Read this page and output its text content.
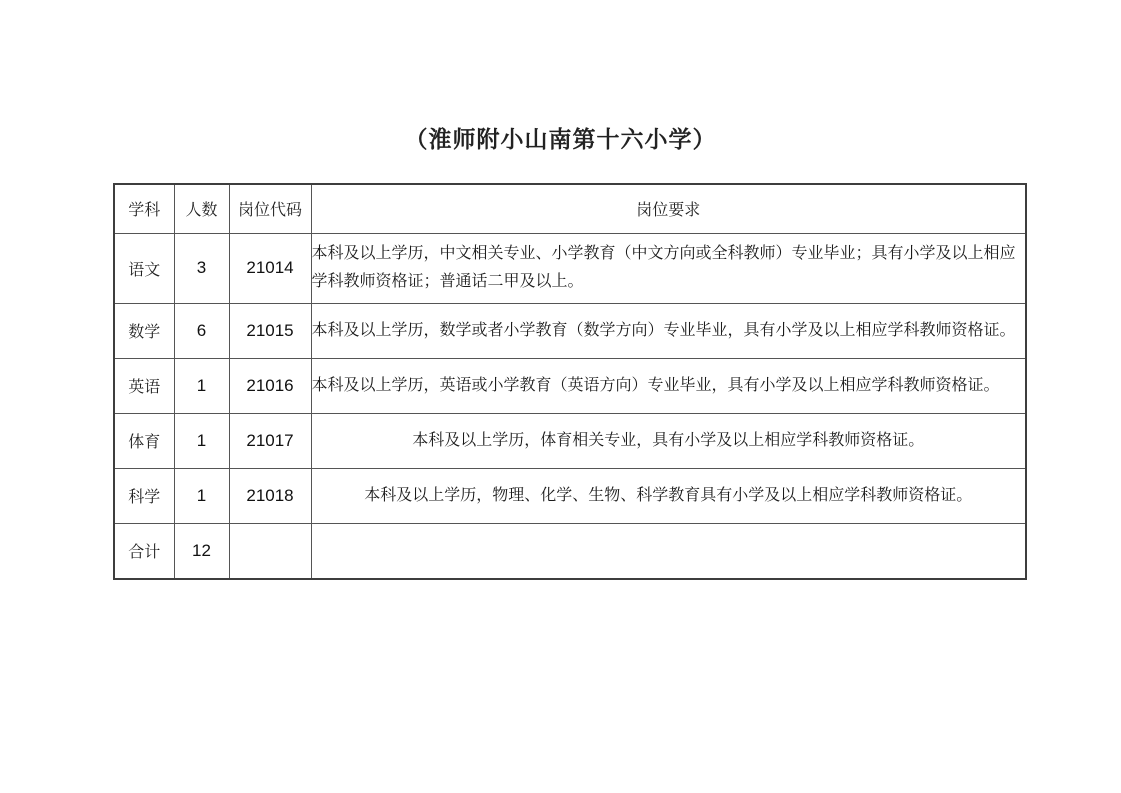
（淮师附小山南第十六小学）
学科	人数	岗位代码	岗位要求
语文	3	21014	本科及以上学历，中文相关专业、小学教育（中文方向或全科教师）专业毕业；具有小学及以上相应学科教师资格证；普通话二甲及以上。
数学	6	21015	本科及以上学历，数学或者小学教育（数学方向）专业毕业，具有小学及以上相应学科教师资格证。
英语	1	21016	本科及以上学历，英语或小学教育（英语方向）专业毕业，具有小学及以上相应学科教师资格证。
体育	1	21017	本科及以上学历，体育相关专业，具有小学及以上相应学科教师资格证。
科学	1	21018	本科及以上学历，物理、化学、生物、科学教育具有小学及以上相应学科教师资格证。
合计	12		
